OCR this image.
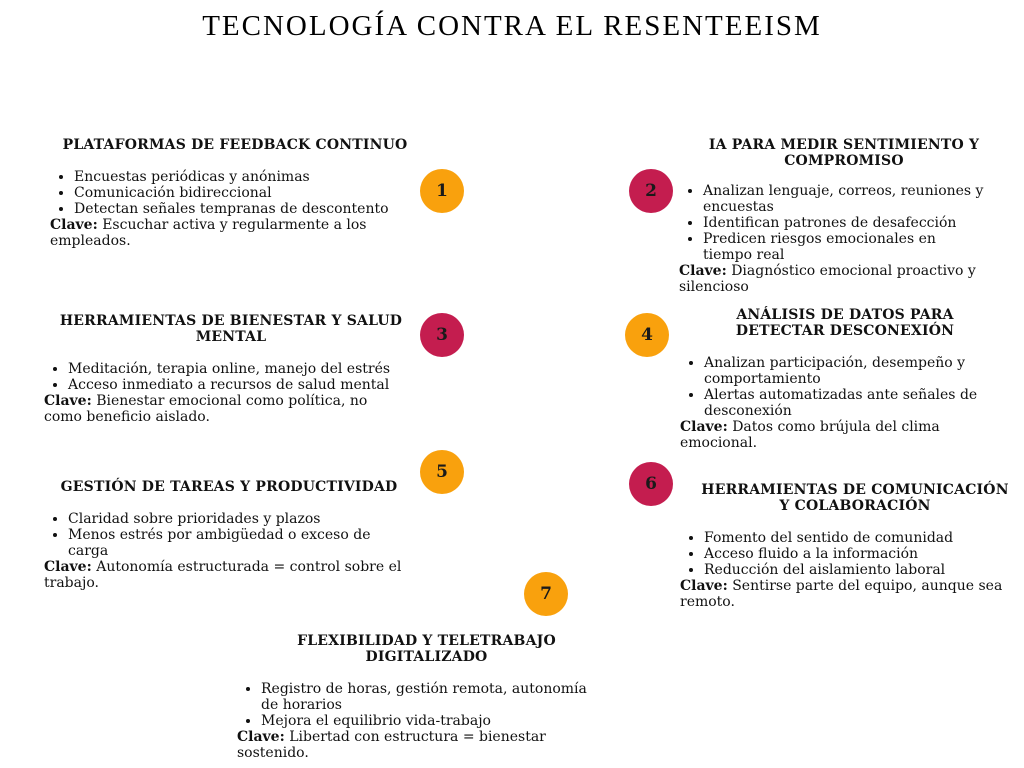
TECNOLOGÍA CONTRA EL RESENTEEISM
1	2
3	4
5
6
7
PLATAFORMAS DE FEEDBACK CONTINUO
• Encuestas periódicas y anónimas
• Comunicación bidireccional
• Detectan señales tempranas de descontento
Clave: Escuchar activa y regularmente a los empleados.
IA PARA MEDIR SENTIMIENTO Y COMPROMISO
• Analizan lenguaje, correos, reuniones y encuestas
• Identifican patrones de desafección
• Predicen riesgos emocionales en tiempo real
Clave: Diagnóstico emocional proactivo y silencioso
HERRAMIENTAS DE BIENESTAR Y SALUD MENTAL
• Meditación, terapia online, manejo del estrés
• Acceso inmediato a recursos de salud mental
Clave: Bienestar emocional como política, no como beneficio aislado.
ANÁLISIS DE DATOS PARA DETECTAR DESCONEXIÓN
• Analizan participación, desempeño y comportamiento
• Alertas automatizadas ante señales de desconexión
Clave: Datos como brújula del clima emocional.
GESTIÓN DE TAREAS Y PRODUCTIVIDAD
• Claridad sobre prioridades y plazos
• Menos estrés por ambigüedad o exceso de carga
Clave: Autonomía estructurada = control sobre el trabajo.
HERRAMIENTAS DE COMUNICACIÓN Y COLABORACIÓN
• Fomento del sentido de comunidad
• Acceso fluido a la información
• Reducción del aislamiento laboral
Clave: Sentirse parte del equipo, aunque sea remoto.
FLEXIBILIDAD Y TELETRABAJO DIGITALIZADO
• Registro de horas, gestión remota, autonomía de horarios
• Mejora el equilibrio vida-trabajo
Clave: Libertad con estructura = bienestar sostenido.
